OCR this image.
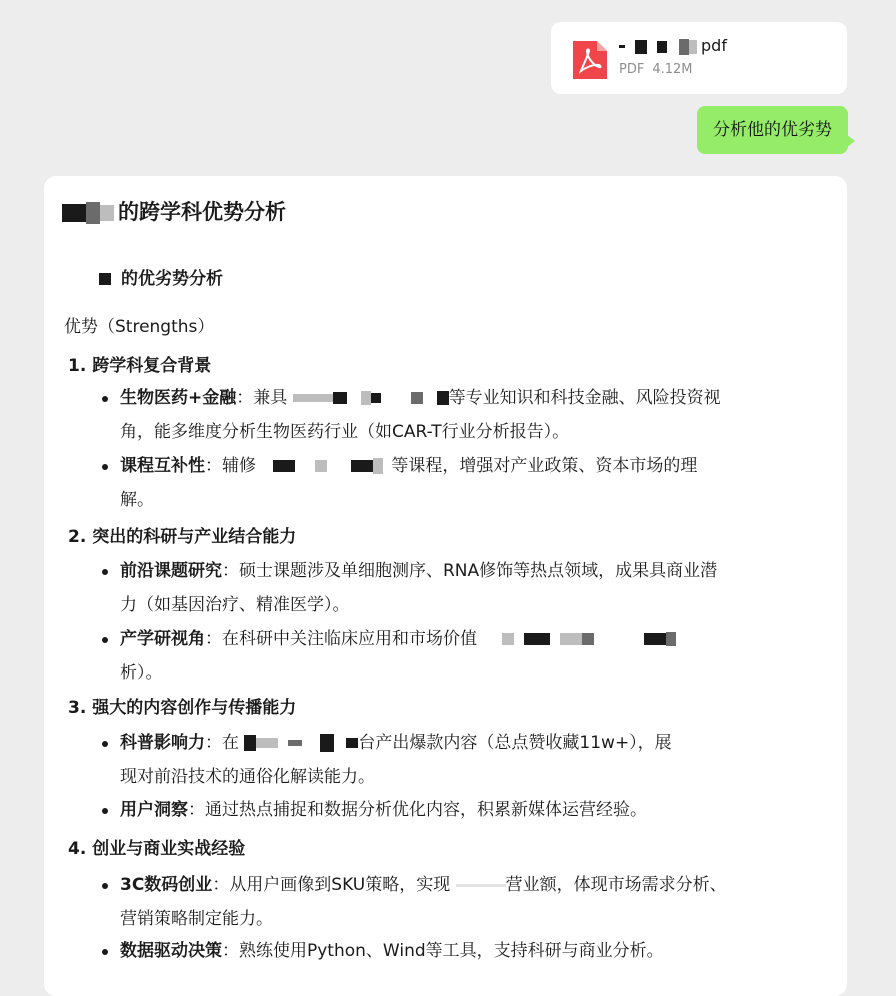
pdf
PDF 4.12M
分析他的优劣势
的跨学科优势分析
的优劣势分析
优势（Strengths）
1. 跨学科复合背景
生物医药+金融：兼具	等专业知识和科技金融、风险投资视
角，能多维度分析生物医药行业（如CAR-T行业分析报告）。
课程互补性：辅修	等课程，增强对产业政策、资本市场的理
解。
2. 突出的科研与产业结合能力
前沿课题研究：硕士课题涉及单细胞测序、RNA修饰等热点领域，成果具商业潜
力（如基因治疗、精准医学）。
产学研视角：在科研中关注临床应用和市场价值
析）。
3. 强大的内容创作与传播能力
科普影响力：在	台产出爆款内容（总点赞收藏11w+），展
现对前沿技术的通俗化解读能力。
用户洞察：通过热点捕捉和数据分析优化内容，积累新媒体运营经验。
4. 创业与商业实战经验
3C数码创业：从用户画像到SKU策略，实现	营业额，体现市场需求分析、
营销策略制定能力。
数据驱动决策：熟练使用Python、Wind等工具，支持科研与商业分析。
